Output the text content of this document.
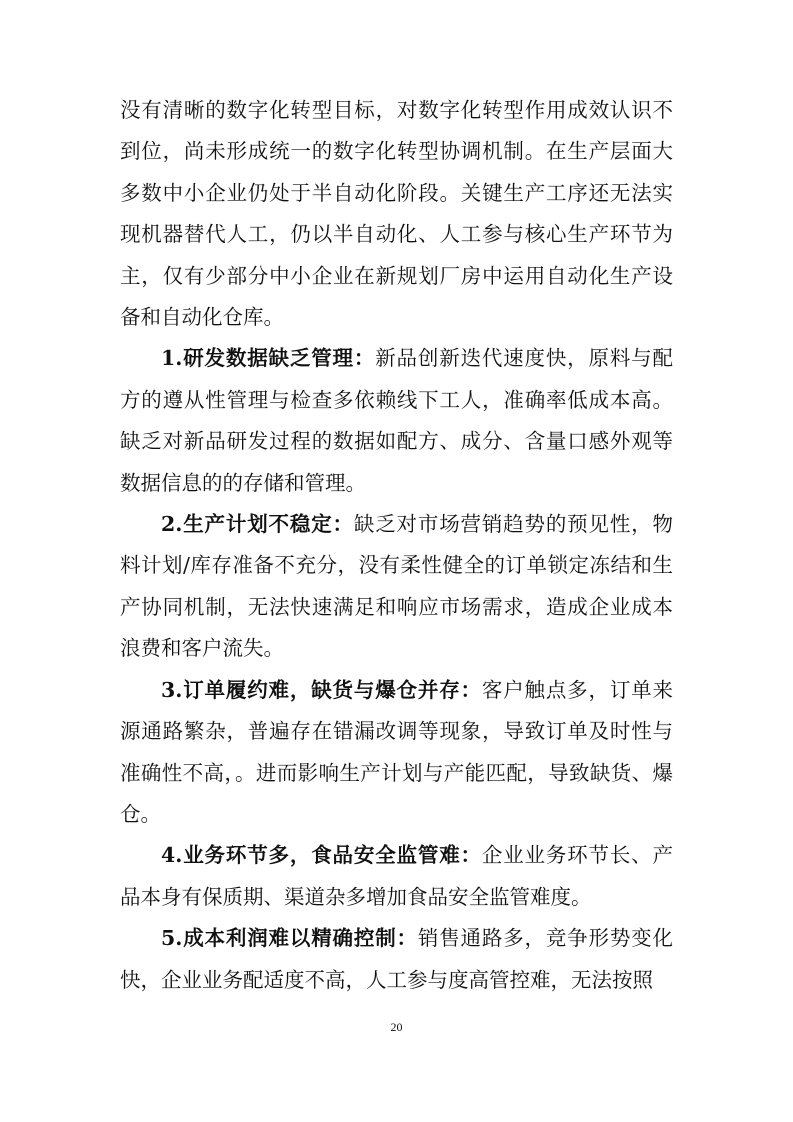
没有清晰的数字化转型目标，对数字化转型作用成效认识不到位，尚未形成统一的数字化转型协调机制。在生产层面大多数中小企业仍处于半自动化阶段。关键生产工序还无法实现机器替代人工，仍以半自动化、人工参与核心生产环节为主，仅有少部分中小企业在新规划厂房中运用自动化生产设备和自动化仓库。

1.研发数据缺乏管理：新品创新迭代速度快，原料与配方的遵从性管理与检查多依赖线下工人，准确率低成本高。缺乏对新品研发过程的数据如配方、成分、含量口感外观等数据信息的的存储和管理。

2.生产计划不稳定：缺乏对市场营销趋势的预见性，物料计划/库存准备不充分，没有柔性健全的订单锁定冻结和生产协同机制，无法快速满足和响应市场需求，造成企业成本浪费和客户流失。

3.订单履约难，缺货与爆仓并存：客户触点多，订单来源通路繁杂，普遍存在错漏改调等现象，导致订单及时性与准确性不高，。进而影响生产计划与产能匹配，导致缺货、爆仓。

4.业务环节多，食品安全监管难：企业业务环节长、产品本身有保质期、渠道杂多增加食品安全监管难度。

5.成本利润难以精确控制：销售通路多，竞争形势变化快，企业业务配适度不高，人工参与度高管控难，无法按照

20
